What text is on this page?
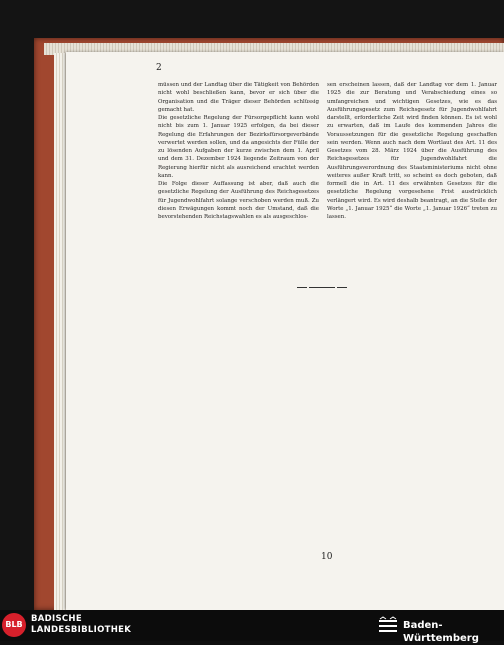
2

müssen und der Landtag über die Tätigkeit von Behörden nicht wohl beschließen kann, bevor er sich über die Organisation und die Träger dieser Behörden schlüssig gemacht hat.

Die gesetzliche Regelung der Fürsorgepflicht kann wohl nicht bis zum 1. Januar 1925 erfolgen, da bei dieser Regelung die Erfahrungen der Bezirksfürsorgeverbände verwertet werden sollen, und da angesichts der Fülle der zu lösenden Aufgaben der kurze zwischen dem 1. April und dem 31. Dezember 1924 liegende Zeitraum von der Regierung hierfür nicht als ausreichend erachtet werden kann.

Die Folge dieser Auffassung ist aber, daß auch die gesetzliche Regelung der Ausführung des Reichsgesetzes für Jugendwohlfahrt solange verschoben werden muß. Zu diesen Erwägungen kommt noch der Umstand, daß die bevorstehenden Reichstagswahlen es als ausgeschlos-

sen erscheinen lassen, daß der Landtag vor dem 1. Januar 1925 die zur Beratung und Verabschiedung eines so umfangreichen und wichtigen Gesetzes, wie es das Ausführungsgesetz zum Reichsgesetz für Jugendwohlfahrt darstellt, erforderliche Zeit wird finden können. Es ist wohl zu erwarten, daß im Laufe des kommenden Jahres die Voraussetzungen für die gesetzliche Regelung geschaffen sein werden. Wenn auch nach dem Wortlaut des Art. 11 des Gesetzes vom 28. März 1924 über die Ausführung des Reichsgesetzes für Jugendwohlfahrt die Ausführungsverordnung des Staatsministeriums nicht ohne weiteres außer Kraft tritt, so scheint es doch geboten, daß formell die in Art. 11 des erwähnten Gesetzes für die gesetzliche Regelung vorgesehene Frist ausdrücklich verlängert wird. Es wird deshalb beantragt, an die Stelle der Worte „1. Januar 1925“ die Worte „1. Januar 1926“ treten zu lassen.

10
BLB
BADISCHE
LANDESBIBLIOTHEK	Baden-Württemberg
